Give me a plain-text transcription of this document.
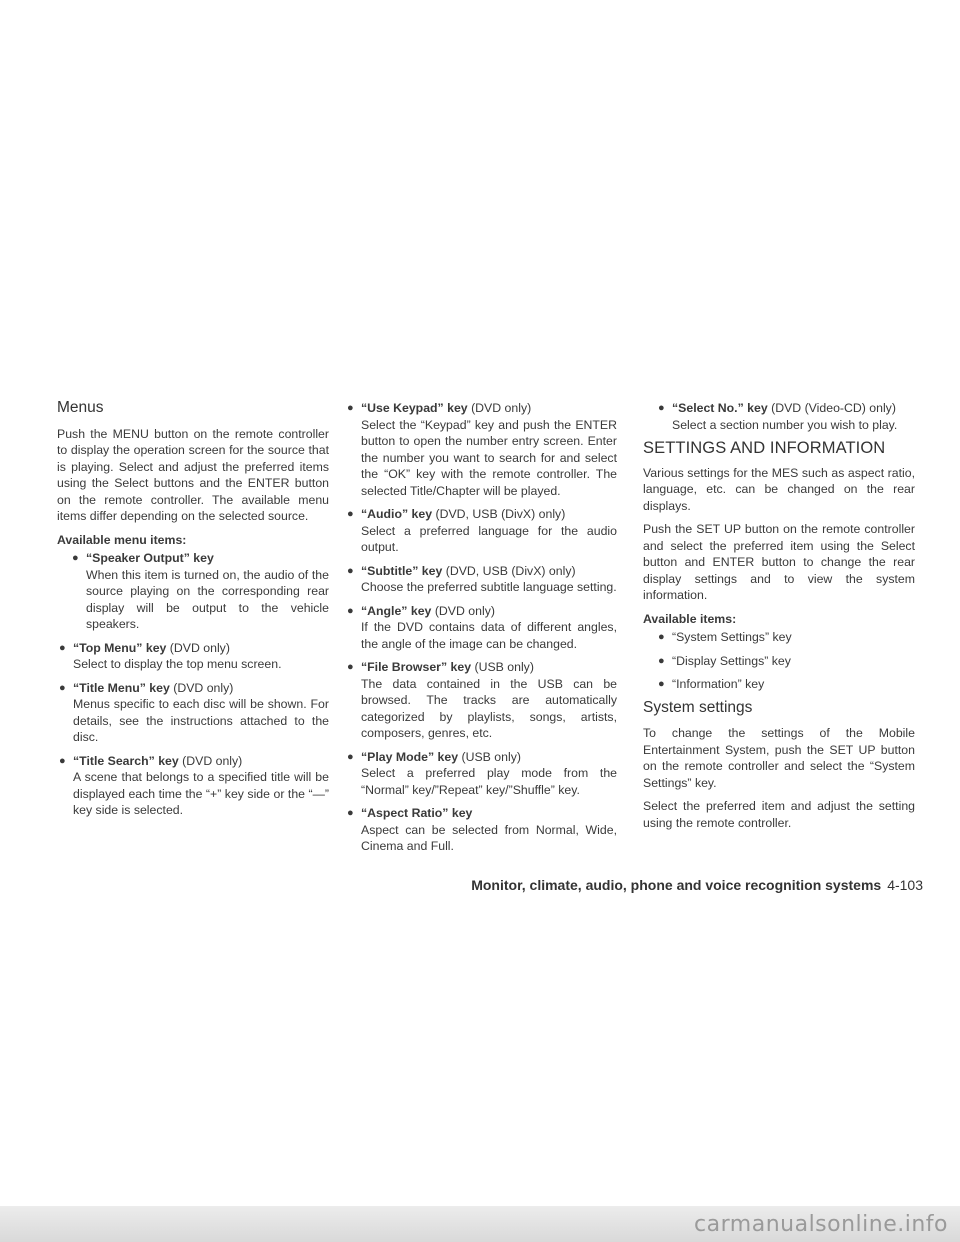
Menus

Push the MENU button on the remote controller to display the operation screen for the source that is playing. Select and adjust the preferred items using the Select buttons and the ENTER button on the remote controller. The available menu items differ depending on the selected source.

Available menu items:
● “Speaker Output” key
When this item is turned on, the audio of the source playing on the corresponding rear display will be output to the vehicle speakers.
● “Top Menu” key (DVD only)
Select to display the top menu screen.
● “Title Menu” key (DVD only)
Menus specific to each disc will be shown. For details, see the instructions attached to the disc.
● “Title Search” key (DVD only)
A scene that belongs to a specified title will be displayed each time the “+” key side or the “—” key side is selected.
● “Use Keypad” key (DVD only)
Select the “Keypad” key and push the ENTER button to open the number entry screen. Enter the number you want to search for and select the “OK” key with the remote controller. The selected Title/Chapter will be played.
● “Audio” key (DVD, USB (DivX) only)
Select a preferred language for the audio output.
● “Subtitle” key (DVD, USB (DivX) only)
Choose the preferred subtitle language setting.
● “Angle” key (DVD only)
If the DVD contains data of different angles, the angle of the image can be changed.
● “File Browser” key (USB only)
The data contained in the USB can be browsed. The tracks are automatically categorized by playlists, songs, artists, composers, genres, etc.
● “Play Mode” key (USB only)
Select a preferred play mode from the “Normal” key/”Repeat” key/”Shuffle” key.
● “Aspect Ratio” key
Aspect can be selected from Normal, Wide, Cinema and Full.
● “Select No.” key (DVD (Video-CD) only)
Select a section number you wish to play.
SETTINGS AND INFORMATION

Various settings for the MES such as aspect ratio, language, etc. can be changed on the rear displays.

Push the SET UP button on the remote controller and select the preferred item using the Select button and ENTER button to change the rear display settings and to view the system information.

Available items:
● “System Settings” key
● “Display Settings” key
● “Information” key
System settings

To change the settings of the Mobile Entertainment System, push the SET UP button on the remote controller and select the “System Settings” key.

Select the preferred item and adjust the setting using the remote controller.

Monitor, climate, audio, phone and voice recognition systems 4-103
carmanualsonline.info
